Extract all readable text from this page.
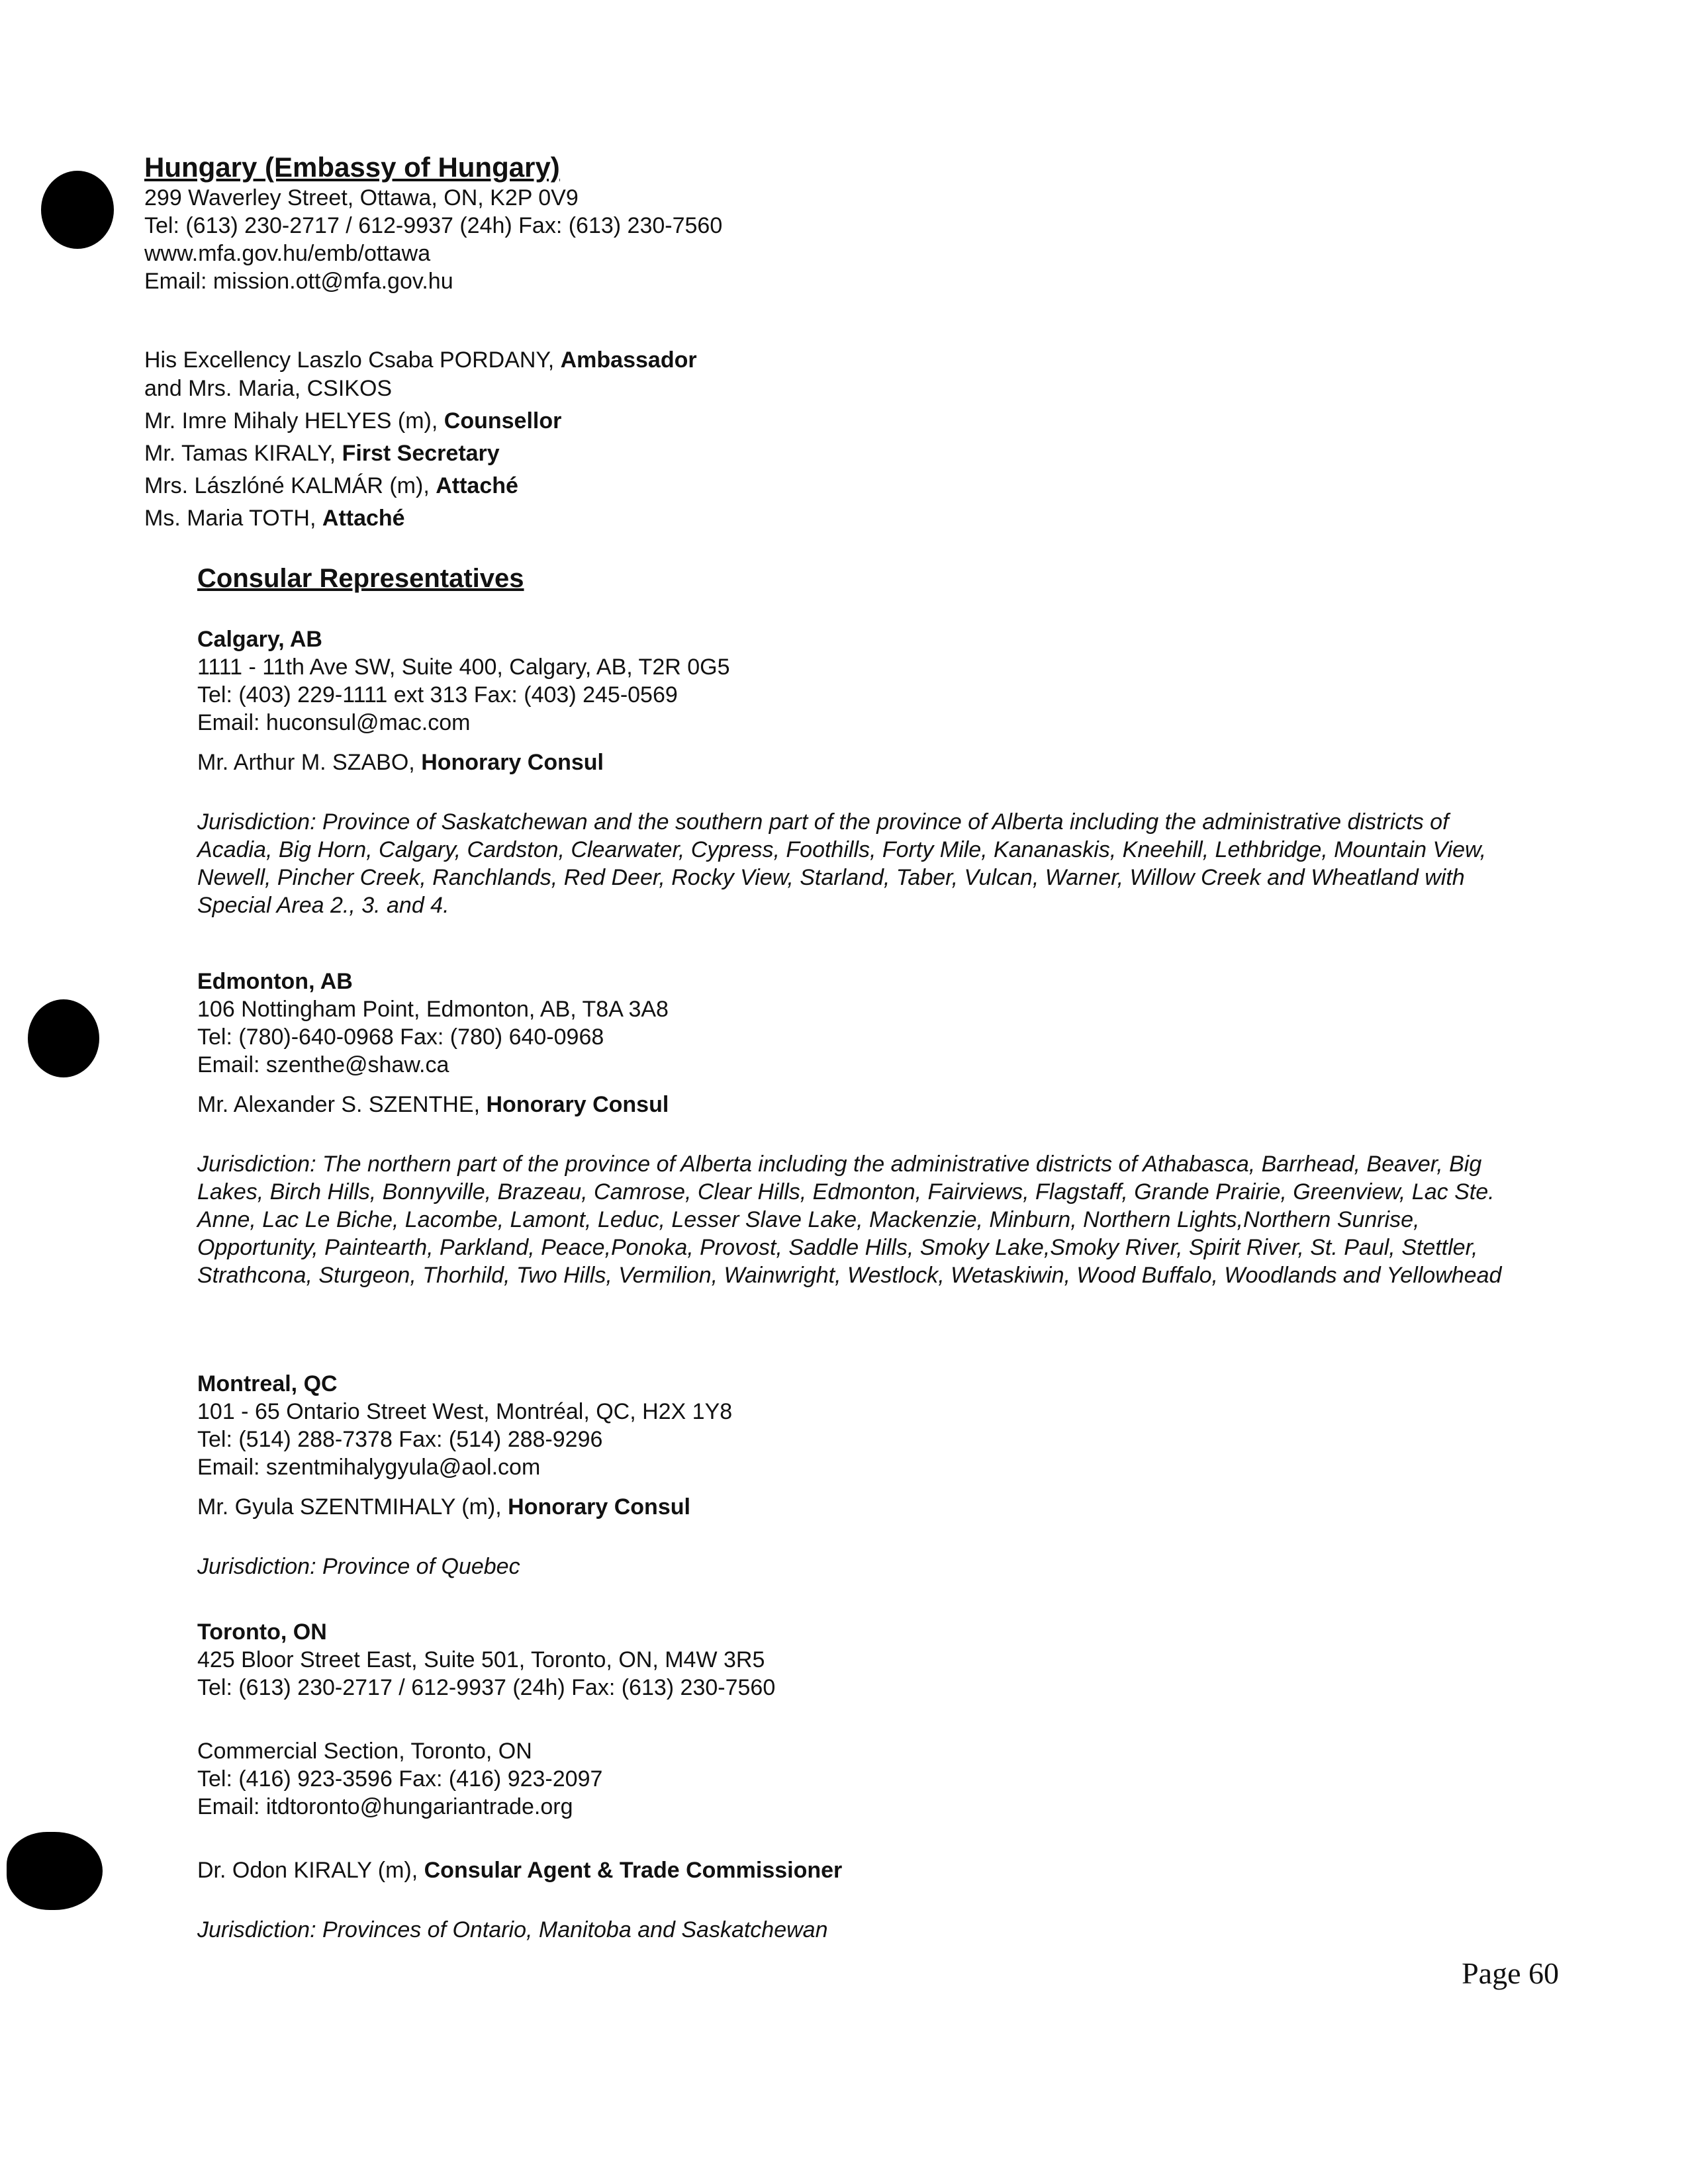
Hungary (Embassy of Hungary)
299 Waverley Street, Ottawa, ON, K2P 0V9
Tel: (613) 230-2717 / 612-9937 (24h) Fax: (613) 230-7560
www.mfa.gov.hu/emb/ottawa
Email: mission.ott@mfa.gov.hu
His Excellency Laszlo Csaba PORDANY, Ambassador
and Mrs. Maria, CSIKOS
Mr. Imre Mihaly HELYES (m), Counsellor
Mr. Tamas KIRALY, First Secretary
Mrs. Lászlóné KALMÁR (m), Attaché
Ms. Maria TOTH, Attaché
Consular Representatives
Calgary, AB
1111 - 11th Ave SW, Suite 400, Calgary, AB, T2R 0G5
Tel: (403) 229-1111 ext 313 Fax: (403) 245-0569
Email: huconsul@mac.com
Mr. Arthur M. SZABO, Honorary Consul
Jurisdiction: Province of Saskatchewan and the southern part of the province of Alberta including the administrative districts of Acadia, Big Horn, Calgary, Cardston, Clearwater, Cypress, Foothills, Forty Mile, Kananaskis, Kneehill, Lethbridge, Mountain View, Newell, Pincher Creek, Ranchlands, Red Deer, Rocky View, Starland, Taber, Vulcan, Warner, Willow Creek and Wheatland with Special Area 2., 3. and 4.
Edmonton, AB
106 Nottingham Point, Edmonton, AB, T8A 3A8
Tel: (780)-640-0968 Fax: (780) 640-0968
Email: szenthe@shaw.ca
Mr. Alexander S. SZENTHE, Honorary Consul
Jurisdiction: The northern part of the province of Alberta including the administrative districts of Athabasca, Barrhead, Beaver, Big Lakes, Birch Hills, Bonnyville, Brazeau, Camrose, Clear Hills, Edmonton, Fairviews, Flagstaff, Grande Prairie, Greenview, Lac Ste. Anne, Lac Le Biche, Lacombe, Lamont, Leduc, Lesser Slave Lake, Mackenzie, Minburn, Northern Lights,Northern Sunrise, Opportunity, Paintearth, Parkland, Peace,Ponoka, Provost, Saddle Hills, Smoky Lake,Smoky River, Spirit River, St. Paul, Stettler, Strathcona, Sturgeon, Thorhild, Two Hills, Vermilion, Wainwright, Westlock, Wetaskiwin, Wood Buffalo, Woodlands and Yellowhead
Montreal, QC
101 - 65 Ontario Street West, Montréal, QC, H2X 1Y8
Tel: (514) 288-7378 Fax: (514) 288-9296
Email: szentmihalygyula@aol.com
Mr. Gyula SZENTMIHALY (m), Honorary Consul
Jurisdiction: Province of Quebec
Toronto, ON
425 Bloor Street East, Suite 501, Toronto, ON, M4W 3R5
Tel: (613) 230-2717 / 612-9937 (24h) Fax: (613) 230-7560
Commercial Section, Toronto, ON
Tel: (416) 923-3596 Fax: (416) 923-2097
Email: itdtoronto@hungariantrade.org
Dr. Odon KIRALY (m), Consular Agent & Trade Commissioner
Jurisdiction: Provinces of Ontario, Manitoba and Saskatchewan
Page 60
